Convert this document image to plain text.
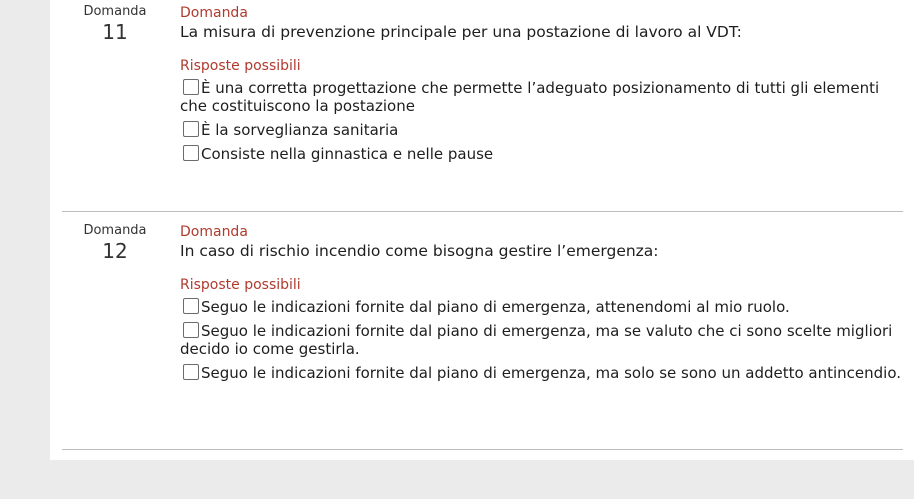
Domanda
11
Domanda
La misura di prevenzione principale per una postazione di lavoro al VDT:
Risposte possibili
È una corretta progettazione che permette l’adeguato posizionamento di tutti gli elementi che costituiscono la postazione
È la sorveglianza sanitaria
Consiste nella ginnastica e nelle pause
Domanda
12
Domanda
In caso di rischio incendio come bisogna gestire l’emergenza:
Risposte possibili
Seguo le indicazioni fornite dal piano di emergenza, attenendomi al mio ruolo.
Seguo le indicazioni fornite dal piano di emergenza, ma se valuto che ci sono scelte migliori decido io come gestirla.
Seguo le indicazioni fornite dal piano di emergenza, ma solo se sono un addetto antincendio.
